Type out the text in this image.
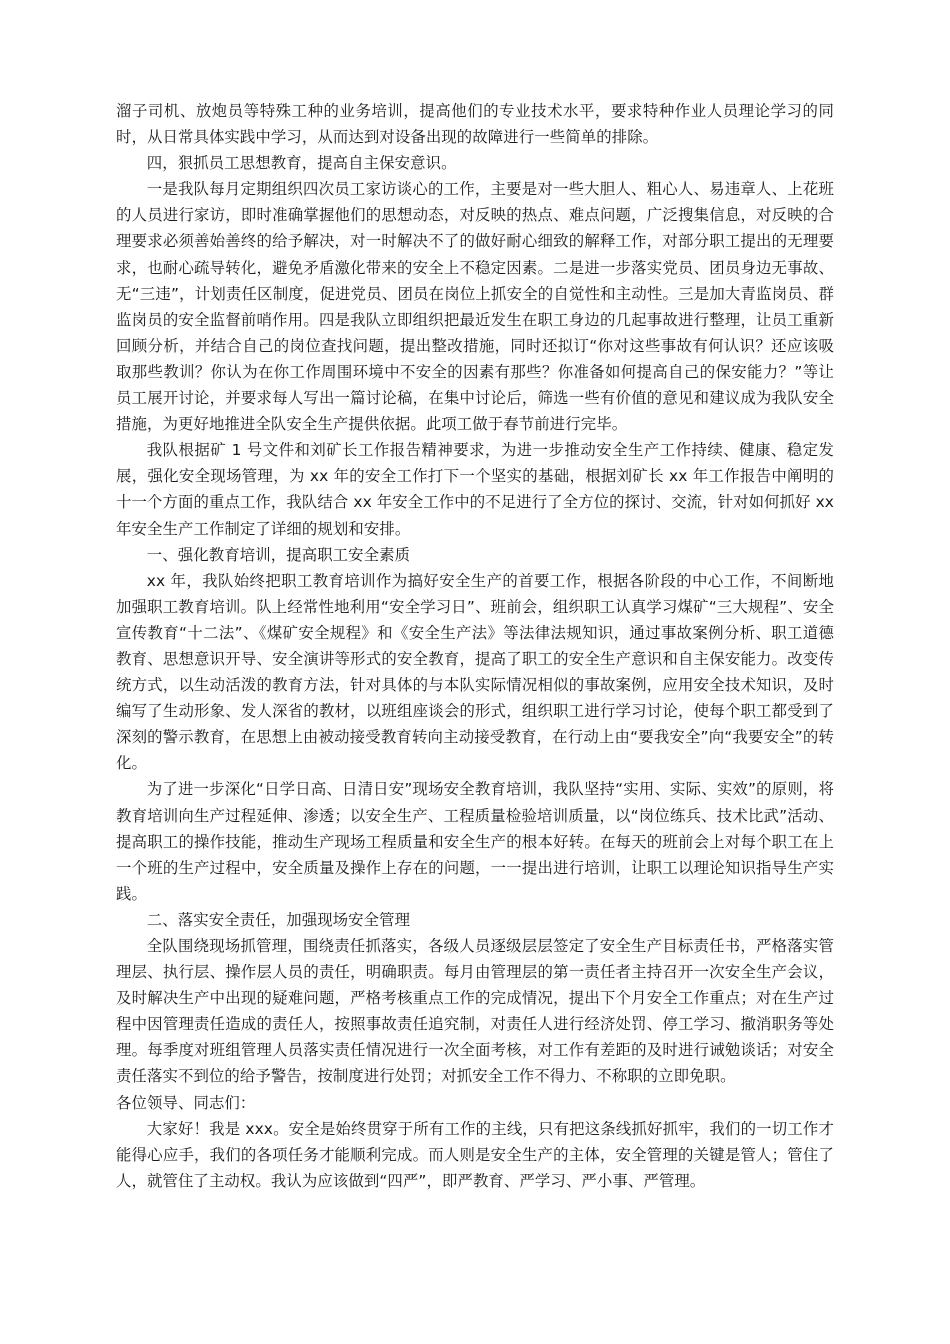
溜子司机、放炮员等特殊工种的业务培训，提高他们的专业技术水平，要求特种作业人员理论学习的同时，从日常具体实践中学习，从而达到对设备出现的故障进行一些简单的排除。

四，狠抓员工思想教育，提高自主保安意识。

一是我队每月定期组织四次员工家访谈心的工作，主要是对一些大胆人、粗心人、易违章人、上花班的人员进行家访，即时准确掌握他们的思想动态，对反映的热点、难点问题，广泛搜集信息，对反映的合理要求必须善始善终的给予解决，对一时解决不了的做好耐心细致的解释工作，对部分职工提出的无理要求，也耐心疏导转化，避免矛盾激化带来的安全上不稳定因素。二是进一步落实党员、团员身边无事故、无“三违”，计划责任区制度，促进党员、团员在岗位上抓安全的自觉性和主动性。三是加大青监岗员、群监岗员的安全监督前哨作用。四是我队立即组织把最近发生在职工身边的几起事故进行整理，让员工重新回顾分析，并结合自己的岗位查找问题，提出整改措施，同时还拟订“你对这些事故有何认识？还应该吸取那些教训？你认为在你工作周围环境中不安全的因素有那些？你准备如何提高自己的保安能力？”等让员工展开讨论，并要求每人写出一篇讨论稿，在集中讨论后，筛选一些有价值的意见和建议成为我队安全措施，为更好地推进全队安全生产提供依据。此项工做于春节前进行完毕。

我队根据矿 1 号文件和刘矿长工作报告精神要求，为进一步推动安全生产工作持续、健康、稳定发展，强化安全现场管理，为 xx 年的安全工作打下一个坚实的基础，根据刘矿长 xx 年工作报告中阐明的十一个方面的重点工作，我队结合 xx 年安全工作中的不足进行了全方位的探讨、交流，针对如何抓好 xx 年安全生产工作制定了详细的规划和安排。

一、强化教育培训，提高职工安全素质

xx 年，我队始终把职工教育培训作为搞好安全生产的首要工作，根据各阶段的中心工作，不间断地加强职工教育培训。队上经常性地利用“安全学习日”、班前会，组织职工认真学习煤矿“三大规程”、安全宣传教育“十二法”、《煤矿安全规程》和《安全生产法》等法律法规知识，通过事故案例分析、职工道德教育、思想意识开导、安全演讲等形式的安全教育，提高了职工的安全生产意识和自主保安能力。改变传统方式，以生动活泼的教育方法，针对具体的与本队实际情况相似的事故案例，应用安全技术知识，及时编写了生动形象、发人深省的教材，以班组座谈会的形式，组织职工进行学习讨论，使每个职工都受到了深刻的警示教育，在思想上由被动接受教育转向主动接受教育，在行动上由“要我安全”向“我要安全”的转化。

为了进一步深化“日学日高、日清日安”现场安全教育培训，我队坚持“实用、实际、实效”的原则，将教育培训向生产过程延伸、渗透；以安全生产、工程质量检验培训质量，以“岗位练兵、技术比武”活动、提高职工的操作技能，推动生产现场工程质量和安全生产的根本好转。在每天的班前会上对每个职工在上一个班的生产过程中，安全质量及操作上存在的问题，一一提出进行培训，让职工以理论知识指导生产实践。

二、落实安全责任，加强现场安全管理

全队围绕现场抓管理，围绕责任抓落实，各级人员逐级层层签定了安全生产目标责任书，严格落实管理层、执行层、操作层人员的责任，明确职责。每月由管理层的第一责任者主持召开一次安全生产会议，及时解决生产中出现的疑难问题，严格考核重点工作的完成情况，提出下个月安全工作重点；对在生产过程中因管理责任造成的责任人，按照事故责任追究制，对责任人进行经济处罚、停工学习、撤消职务等处理。每季度对班组管理人员落实责任情况进行一次全面考核，对工作有差距的及时进行诫勉谈话；对安全责任落实不到位的给予警告，按制度进行处罚；对抓安全工作不得力、不称职的立即免职。

各位领导、同志们：

大家好！我是 xxx。安全是始终贯穿于所有工作的主线，只有把这条线抓好抓牢，我们的一切工作才能得心应手，我们的各项任务才能顺利完成。而人则是安全生产的主体，安全管理的关键是管人；管住了人，就管住了主动权。我认为应该做到“四严”，即严教育、严学习、严小事、严管理。
